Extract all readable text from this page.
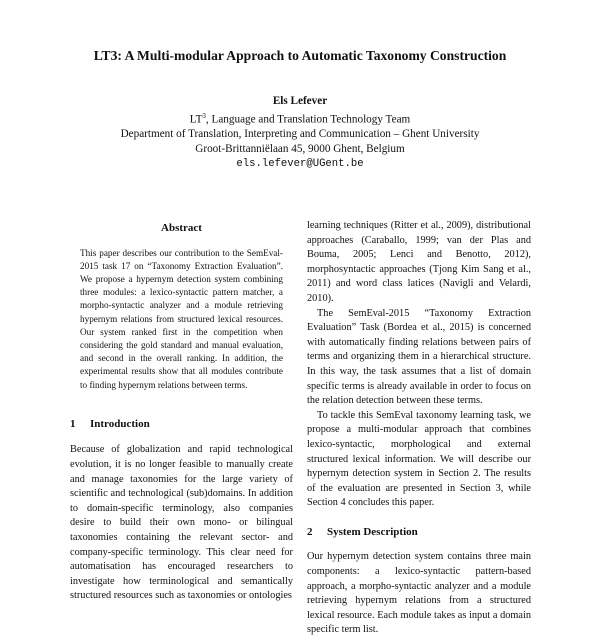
LT3: A Multi-modular Approach to Automatic Taxonomy Construction
Els Lefever
$LT^3$, Language and Translation Technology Team
Department of Translation, Interpreting and Communication – Ghent University
Groot-Brittanniëlaan 45, 9000 Ghent, Belgium
els.lefever@UGent.be
Abstract

This paper describes our contribution to the SemEval-2015 task 17 on “Taxonomy Extraction Evaluation”. We propose a hypernym detection system combining three modules: a lexico-syntactic pattern matcher, a morpho-syntactic analyzer and a module retrieving hypernym relations from structured lexical resources. Our system ranked first in the competition when considering the gold standard and manual evaluation, and second in the overall ranking. In addition, the experimental results show that all modules contribute to finding hypernym relations between terms.

1 Introduction

Because of globalization and rapid technological evolution, it is no longer feasible to manually create and manage taxonomies for the large variety of scientific and technological (sub)domains. In addition to domain-specific terminology, also companies desire to build their own mono- or bilingual taxonomies containing the relevant sector- and company-specific terminology. This clear need for automatisation has encouraged researchers to investigate how terminological and semantically structured resources such as taxonomies or ontologies

learning techniques (Ritter et al., 2009), distributional approaches (Caraballo, 1999; van der Plas and Bouma, 2005; Lenci and Benotto, 2012), morphosyntactic approaches (Tjong Kim Sang et al., 2011) and word class latices (Navigli and Velardi, 2010).

The SemEval-2015 “Taxonomy Extraction Evaluation” Task (Bordea et al., 2015) is concerned with automatically finding relations between pairs of terms and organizing them in a hierarchical structure. In this way, the task assumes that a list of domain specific terms is already available in order to focus on the relation detection between these terms.

To tackle this SemEval taxonomy learning task, we propose a multi-modular approach that combines lexico-syntactic, morphological and external structured lexical information. We will describe our hypernym detection system in Section 2. The results of the evaluation are presented in Section 3, while Section 4 concludes this paper.

2 System Description

Our hypernym detection system contains three main components: a lexico-syntactic pattern-based approach, a morpho-syntactic analyzer and a module retrieving hypernym relations from a structured lexical resource. Each module takes as input a domain specific term list.
